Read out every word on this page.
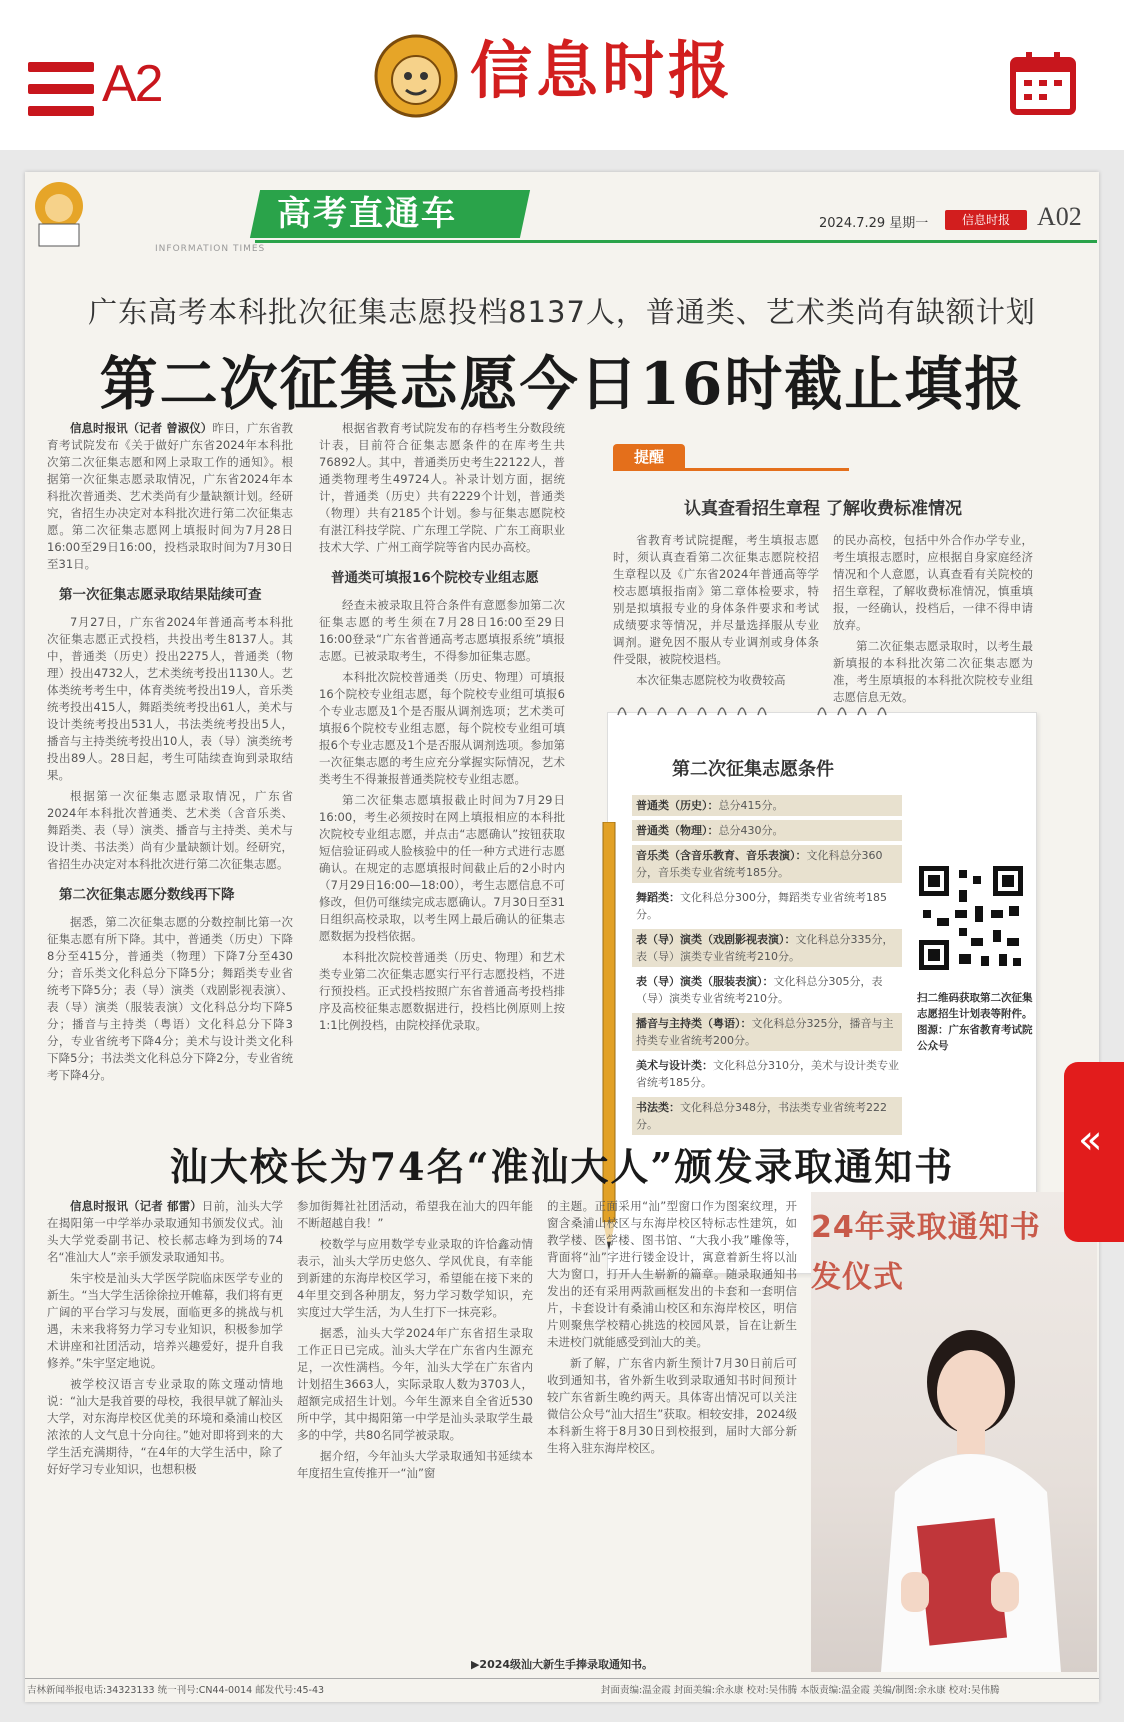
A2	信息时报
INFORMATION TIMES
高考直通车	2024.7.29 星期一	信息时报	A02
广东高考本科批次征集志愿投档8137人，普通类、艺术类尚有缺额计划
第二次征集志愿今日16时截止填报

信息时报讯（记者 曾淑仪）昨日，广东省教育考试院发布《关于做好广东省2024年本科批次第二次征集志愿和网上录取工作的通知》。根据第一次征集志愿录取情况，广东省2024年本科批次普通类、艺术类尚有少量缺额计划。经研究，省招生办决定对本科批次进行第二次征集志愿。第二次征集志愿网上填报时间为7月28日16:00至29日16:00，投档录取时间为7月30日至31日。

第一次征集志愿录取结果陆续可查

7月27日，广东省2024年普通高考本科批次征集志愿正式投档，共投出考生8137人。其中，普通类（历史）投出2275人，普通类（物理）投出4732人，艺术类统考投出1130人。艺体类统考考生中，体育类统考投出19人，音乐类统考投出415人，舞蹈类统考投出61人，美术与设计类统考投出531人，书法类统考投出5人，播音与主持类统考投出10人，表（导）演类统考投出89人。28日起，考生可陆续查询到录取结果。

根据第一次征集志愿录取情况，广东省2024年本科批次普通类、艺术类（含音乐类、舞蹈类、表（导）演类、播音与主持类、美术与设计类、书法类）尚有少量缺额计划。经研究，省招生办决定对本科批次进行第二次征集志愿。

第二次征集志愿分数线再下降

据悉，第二次征集志愿的分数控制比第一次征集志愿有所下降。其中，普通类（历史）下降8分至415分，普通类（物理）下降7分至430分；音乐类文化科总分下降5分；舞蹈类专业省统考下降5分；表（导）演类（戏剧影视表演）、表（导）演类（服装表演）文化科总分均下降5分；播音与主持类（粤语）文化科总分下降3分，专业省统考下降4分；美术与设计类文化科下降5分；书法类文化科总分下降2分，专业省统考下降4分。

根据省教育考试院发布的存档考生分数段统计表，目前符合征集志愿条件的在库考生共76892人。其中，普通类历史考生22122人，普通类物理考生49724人。补录计划方面，据统计，普通类（历史）共有2229个计划，普通类（物理）共有2185个计划。参与征集志愿院校有湛江科技学院、广东理工学院、广东工商职业技术大学、广州工商学院等省内民办高校。

普通类可填报16个院校专业组志愿

经查未被录取且符合条件有意愿参加第二次征集志愿的考生须在7月28日16:00至29日16:00登录“广东省普通高考志愿填报系统”填报志愿。已被录取考生，不得参加征集志愿。

本科批次院校普通类（历史、物理）可填报16个院校专业组志愿，每个院校专业组可填报6个专业志愿及1个是否服从调剂选项；艺术类可填报6个院校专业组志愿，每个院校专业组可填报6个专业志愿及1个是否服从调剂选项。参加第一次征集志愿的考生应充分掌握实际情况，艺术类考生不得兼报普通类院校专业组志愿。

第二次征集志愿填报截止时间为7月29日16:00，考生必须按时在网上填报相应的本科批次院校专业组志愿，并点击“志愿确认”按钮获取短信验证码或人脸核验中的任一种方式进行志愿确认。在规定的志愿填报时间截止后的2小时内（7月29日16:00—18:00），考生志愿信息不可修改，但仍可继续完成志愿确认。7月30日至31日组织高校录取，以考生网上最后确认的征集志愿数据为投档依据。

本科批次院校普通类（历史、物理）和艺术类专业第二次征集志愿实行平行志愿投档，不进行预投档。正式投档按照广东省普通高考投档排序及高校征集志愿数据进行，投档比例原则上按1:1比例投档，由院校择优录取。

提醒
认真查看招生章程 了解收费标准情况

省教育考试院提醒，考生填报志愿时，须认真查看第二次征集志愿院校招生章程以及《广东省2024年普通高等学校志愿填报指南》第二章体检要求，特别是拟填报专业的身体条件要求和考试成绩要求等情况，并尽量选择服从专业调剂。避免因不服从专业调剂或身体条件受限，被院校退档。

本次征集志愿院校为收费较高

的民办高校，包括中外合作办学专业，考生填报志愿时，应根据自身家庭经济情况和个人意愿，认真查看有关院校的招生章程，了解收费标准情况，慎重填报，一经确认，投档后，一律不得申请放弃。

第二次征集志愿录取时，以考生最新填报的本科批次第二次征集志愿为准，考生原填报的本科批次院校专业组志愿信息无效。

第二次征集志愿条件
普通类（历史）：总分415分。
普通类（物理）：总分430分。
音乐类（含音乐教育、音乐表演）：文化科总分360分，音乐类专业省统考185分。
舞蹈类：文化科总分300分，舞蹈类专业省统考185分。
表（导）演类（戏剧影视表演）：文化科总分335分，表（导）演类专业省统考210分。
表（导）演类（服装表演）：文化科总分305分，表（导）演类专业省统考210分。
播音与主持类（粤语）：文化科总分325分，播音与主持类专业省统考200分。
美术与设计类：文化科总分310分，美术与设计类专业省统考185分。
书法类：文化科总分348分，书法类专业省统考222分。
扫二维码获取第二次征集志愿招生计划表等附件。图源：广东省教育考试院公众号
汕大校长为74名“准汕大人”颁发录取通知书

信息时报讯（记者 郁雷）日前，汕头大学在揭阳第一中学举办录取通知书颁发仪式。汕头大学党委副书记、校长郝志峰为到场的74名“准汕大人”亲手颁发录取通知书。

朱宇校是汕头大学医学院临床医学专业的新生。“当大学生活徐徐拉开帷幕，我们将有更广阔的平台学习与发展，面临更多的挑战与机遇，未来我将努力学习专业知识，积极参加学术讲座和社团活动，培养兴趣爱好，提升自我修养。”朱宇坚定地说。

被学校汉语言专业录取的陈文瑾动情地说：“汕大是我首要的母校，我很早就了解汕头大学，对东海岸校区优美的环境和桑浦山校区浓浓的人文气息十分向往。”她对即将到来的大学生活充满期待，“在4年的大学生活中，除了好好学习专业知识，也想积极

参加街舞社社团活动，希望我在汕大的四年能不断超越自我！”

校数学与应用数学专业录取的许恰鑫动情表示，汕头大学历史悠久、学风优良，有幸能到新建的东海岸校区学习，希望能在接下来的4年里交到各种朋友，努力学习数学知识，充实度过大学生活，为人生打下一抹亮彩。

据悉，汕头大学2024年广东省招生录取工作正日已完成。汕头大学在广东省内生源充足，一次性满档。今年，汕头大学在广东省内计划招生3663人，实际录取人数为3703人，超额完成招生计划。今年生源来自全省近530所中学，其中揭阳第一中学是汕头录取学生最多的中学，共80名同学被录取。

据介绍，今年汕头大学录取通知书延续本年度招生宣传推开一“汕”窗

的主题。正面采用“汕”型窗口作为图案纹理，开窗含桑浦山校区与东海岸校区特标志性建筑，如教学楼、医学楼、图书馆、“大我小我”雕像等，背面将“汕”字进行镂金设计，寓意着新生将以汕大为窗口，打开人生崭新的篇章。随录取通知书发出的还有采用两款画框发出的卡套和一套明信片，卡套设计有桑浦山校区和东海岸校区，明信片则聚焦学校精心挑选的校园风景，旨在让新生未进校门就能感受到汕大的美。

新了解，广东省内新生预计7月30日前后可收到通知书，省外新生收到录取通知书时间预计较广东省新生晚约两天。具体寄出情况可以关注微信公众号“汕大招生”获取。相较安排，2024级本科新生将于8月30日到校报到，届时大部分新生将入驻东海岸校区。

24年录取通知书
发仪式
▶2024级汕大新生手捧录取通知书。
吉林新闻举报电话:34323133 统一刊号:CN44-0014 邮发代号:45-43	封面责编:温金霞 封面美编:余永康 校对:吴伟腾 本版责编:温金霞 美编/制图:余永康 校对:吴伟腾
«
